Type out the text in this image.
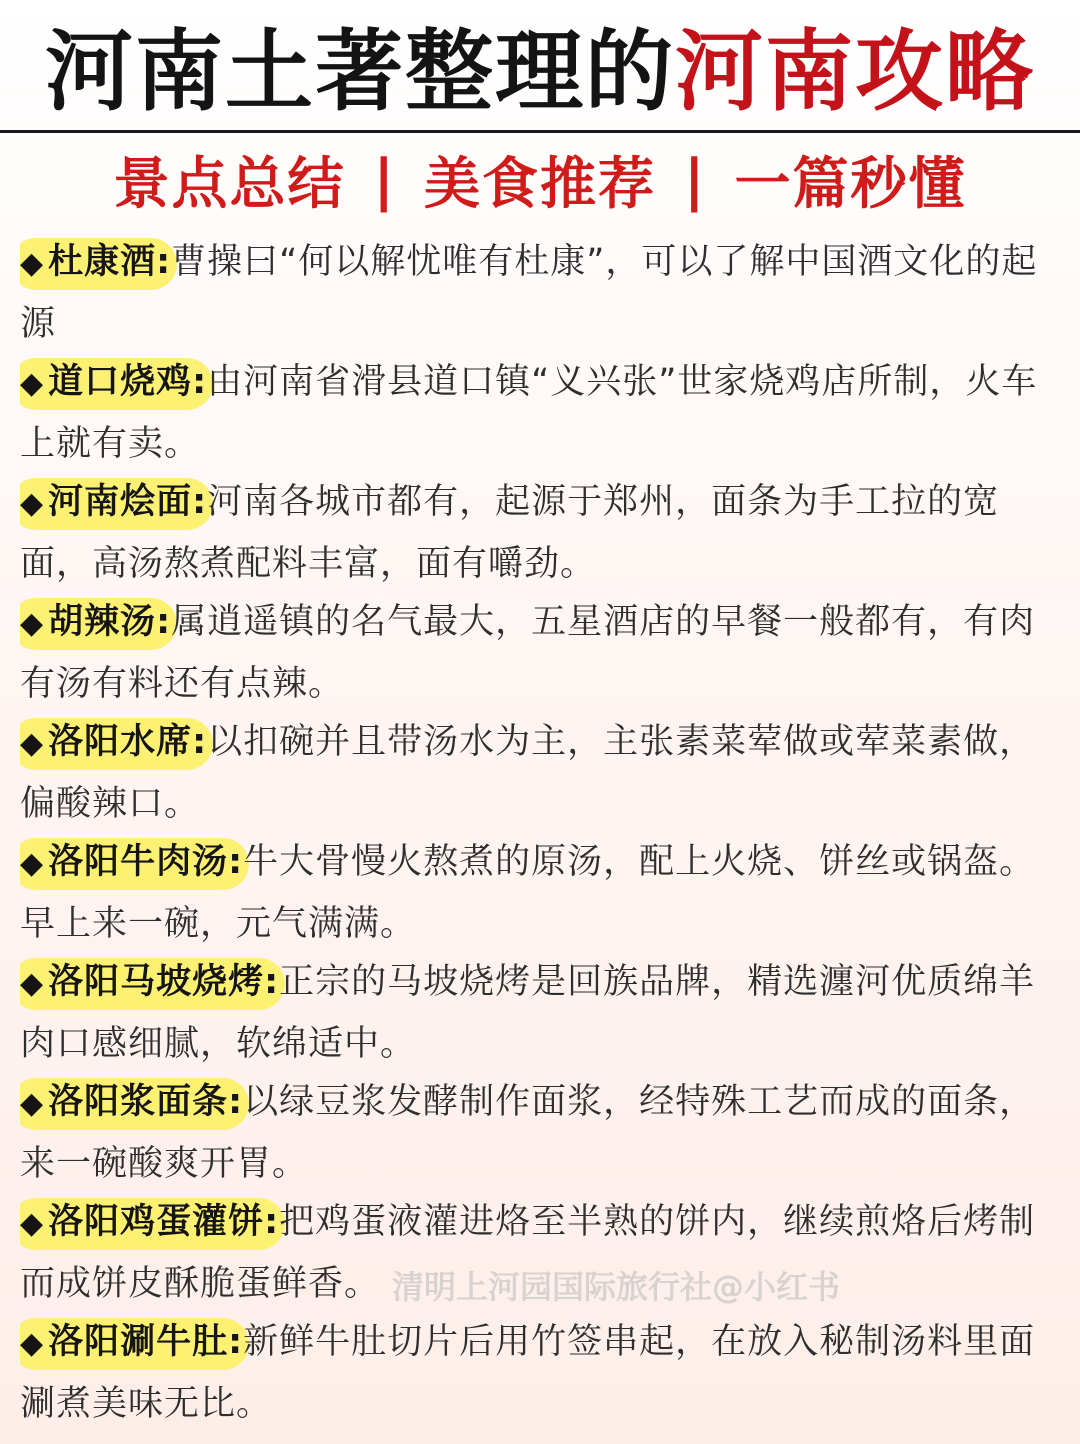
河南土著整理的 河南攻略
景点总结 | 美食推荐 | 一篇秒懂
◆ 杜康酒:曹操曰“何以解忧唯有杜康”，可以了解中国酒文化的起源
◆ 道口烧鸡:由河南省滑县道口镇“义兴张”世家烧鸡店所制，火车上就有卖。
◆ 河南烩面:河南各城市都有，起源于郑州，面条为手工拉的宽面，高汤熬煮配料丰富，面有嚼劲。
◆ 胡辣汤:属逍遥镇的名气最大，五星酒店的早餐一般都有，有肉有汤有料还有点辣。
◆ 洛阳水席:以扣碗并且带汤水为主，主张素菜荤做或荤菜素做，偏酸辣口。
◆ 洛阳牛肉汤:牛大骨慢火熬煮的原汤，配上火烧、饼丝或锅盔。早上来一碗，元气满满。
◆ 洛阳马坡烧烤:正宗的马坡烧烤是回族品牌，精选瀍河优质绵羊肉口感细腻，软绵适中。
◆ 洛阳浆面条:以绿豆浆发酵制作面浆，经特殊工艺而成的面条，来一碗酸爽开胃。
◆ 洛阳鸡蛋灌饼:把鸡蛋液灌进烙至半熟的饼内，继续煎烙后烤制而成饼皮酥脆蛋鲜香。
◆ 洛阳涮牛肚:新鲜牛肚切片后用竹签串起，在放入秘制汤料里面涮煮美味无比。
清明上河园国际旅行社@小红书
